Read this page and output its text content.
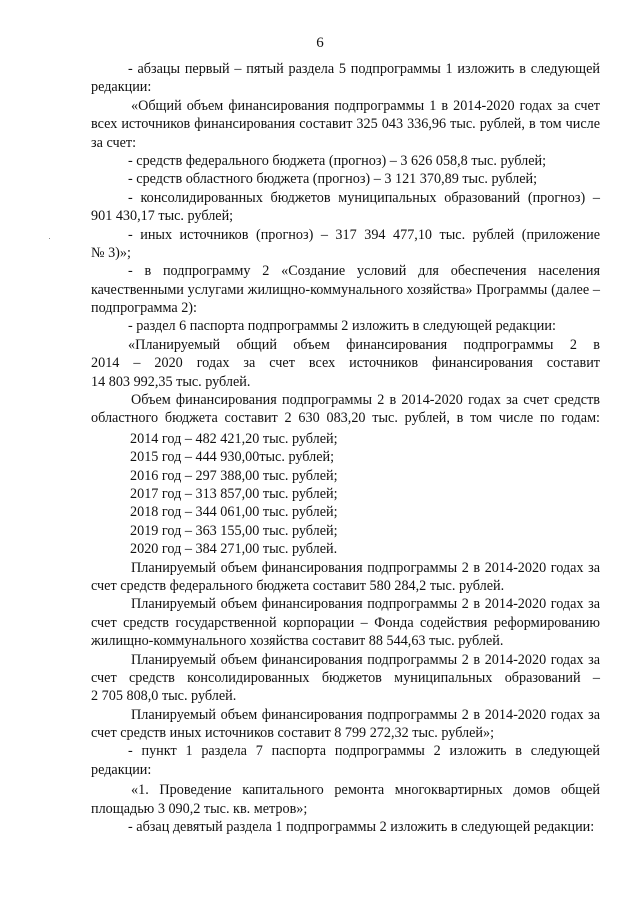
6
- абзацы первый – пятый раздела 5 подпрограммы 1 изложить в следующей
редакции:
«Общий объем финансирования подпрограммы 1 в 2014-2020 годах за счет
всех источников финансирования составит 325 043 336,96 тыс. рублей, в том числе
за счет:
- средств федерального бюджета (прогноз) – 3 626 058,8 тыс. рублей;
- средств областного бюджета (прогноз) – 3 121 370,89 тыс. рублей;
- консолидированных бюджетов муниципальных образований (прогноз) –
901 430,17 тыс. рублей;
- иных источников (прогноз) – 317 394 477,10 тыс. рублей (приложение
№ 3)»;
- в подпрограмму 2 «Создание условий для обеспечения населения
качественными услугами жилищно-коммунального хозяйства» Программы (далее –
подпрограмма 2):
- раздел 6 паспорта подпрограммы 2 изложить в следующей редакции:
«Планируемый общий объем финансирования подпрограммы 2 в
2014 – 2020 годах за счет всех источников финансирования составит
14 803 992,35 тыс. рублей.
Объем финансирования подпрограммы 2 в 2014-2020 годах за счет средств
областного бюджета составит 2 630 083,20 тыс. рублей, в том числе по годам:
2014 год – 482 421,20 тыс. рублей;
2015 год – 444 930,00тыс. рублей;
2016 год – 297 388,00 тыс. рублей;
2017 год – 313 857,00 тыс. рублей;
2018 год – 344 061,00 тыс. рублей;
2019 год – 363 155,00 тыс. рублей;
2020 год – 384 271,00 тыс. рублей.
Планируемый объем финансирования подпрограммы 2 в 2014-2020 годах за
счет средств федерального бюджета составит 580 284,2 тыс. рублей.
Планируемый объем финансирования подпрограммы 2 в 2014-2020 годах за
счет средств государственной корпорации – Фонда содействия реформированию
жилищно-коммунального хозяйства составит 88 544,63 тыс. рублей.
Планируемый объем финансирования подпрограммы 2 в 2014-2020 годах за
счет средств консолидированных бюджетов муниципальных образований –
2 705 808,0 тыс. рублей.
Планируемый объем финансирования подпрограммы 2 в 2014-2020 годах за
счет средств иных источников составит 8 799 272,32 тыс. рублей»;
- пункт 1 раздела 7 паспорта подпрограммы 2 изложить в следующей
редакции:
«1. Проведение капитального ремонта многоквартирных домов общей
площадью 3 090,2 тыс. кв. метров»;
- абзац девятый раздела 1 подпрограммы 2 изложить в следующей редакции:
